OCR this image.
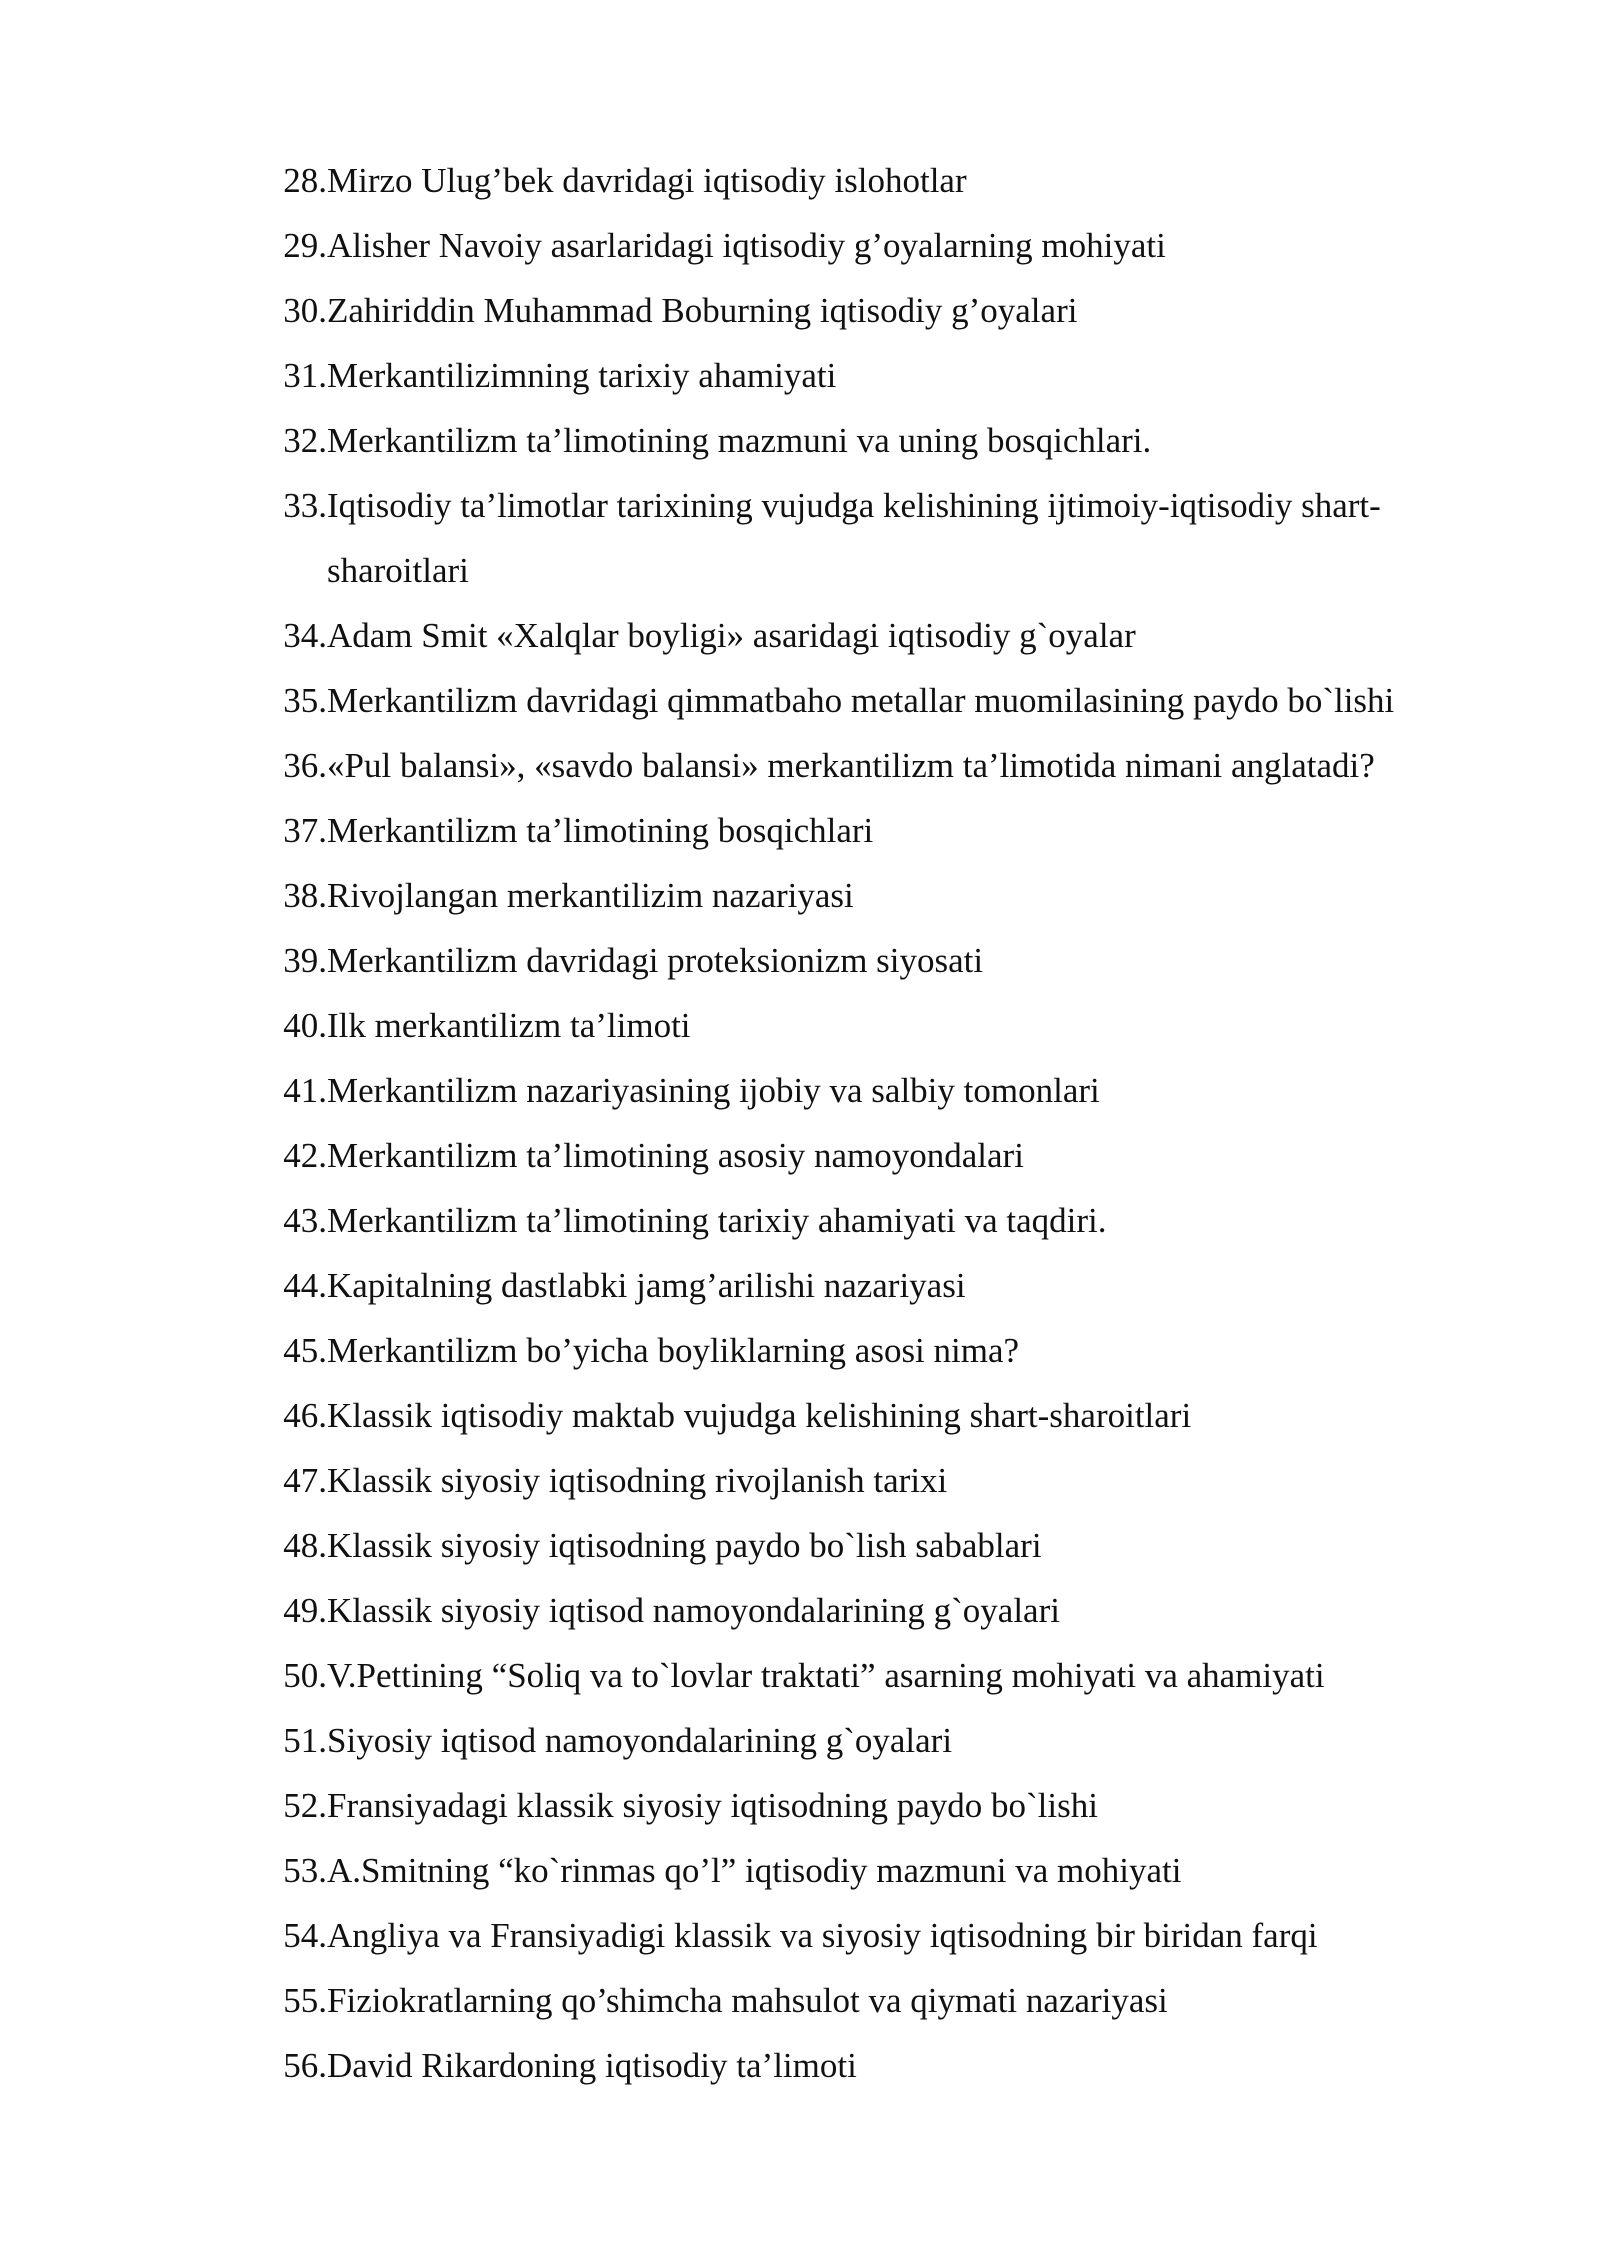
28. Mirzo Ulug’bek davridagi iqtisodiy islohotlar
29. Alisher Navoiy asarlaridagi iqtisodiy g’oyalarning mohiyati
30. Zahiriddin Muhammad Boburning iqtisodiy g’oyalari
31. Merkantilizimning tarixiy ahamiyati
32. Merkantilizm ta’limotining mazmuni va uning bosqichlari.
33. Iqtisodiy ta’limotlar tarixining vujudga kelishining ijtimoiy-iqtisodiy shart-sharoitlari
34. Adam Smit «Xalqlar boyligi» asaridagi iqtisodiy g`oyalar
35. Merkantilizm davridagi qimmatbaho metallar muomilasining paydo bo`lishi
36. «Pul balansi», «savdo balansi» merkantilizm ta’limotida nimani anglatadi?
37. Merkantilizm ta’limotining bosqichlari
38. Rivojlangan merkantilizim nazariyasi
39. Merkantilizm davridagi proteksionizm siyosati
40. Ilk merkantilizm ta’limoti
41. Merkantilizm nazariyasining ijobiy va salbiy tomonlari
42. Merkantilizm ta’limotining asosiy namoyondalari
43. Merkantilizm ta’limotining tarixiy ahamiyati va taqdiri.
44. Kapitalning dastlabki jamg’arilishi nazariyasi
45. Merkantilizm bo’yicha boyliklarning asosi nima?
46. Klassik iqtisodiy maktab vujudga kelishining shart-sharoitlari
47. Klassik siyosiy iqtisodning rivojlanish tarixi
48. Klassik siyosiy iqtisodning paydo bo`lish sabablari
49. Klassik siyosiy iqtisod namoyondalarining g`oyalari
50. V.Pettining “Soliq va to`lovlar traktati” asarning mohiyati va ahamiyati
51. Siyosiy iqtisod namoyondalarining g`oyalari
52. Fransiyadagi klassik siyosiy iqtisodning paydo bo`lishi
53. A.Smitning “ko`rinmas qo’l” iqtisodiy mazmuni va mohiyati
54. Angliya va Fransiyadigi klassik va siyosiy iqtisodning bir biridan farqi
55. Fiziokratlarning qo’shimcha mahsulot va qiymati nazariyasi
56. David Rikardoning iqtisodiy ta’limoti
